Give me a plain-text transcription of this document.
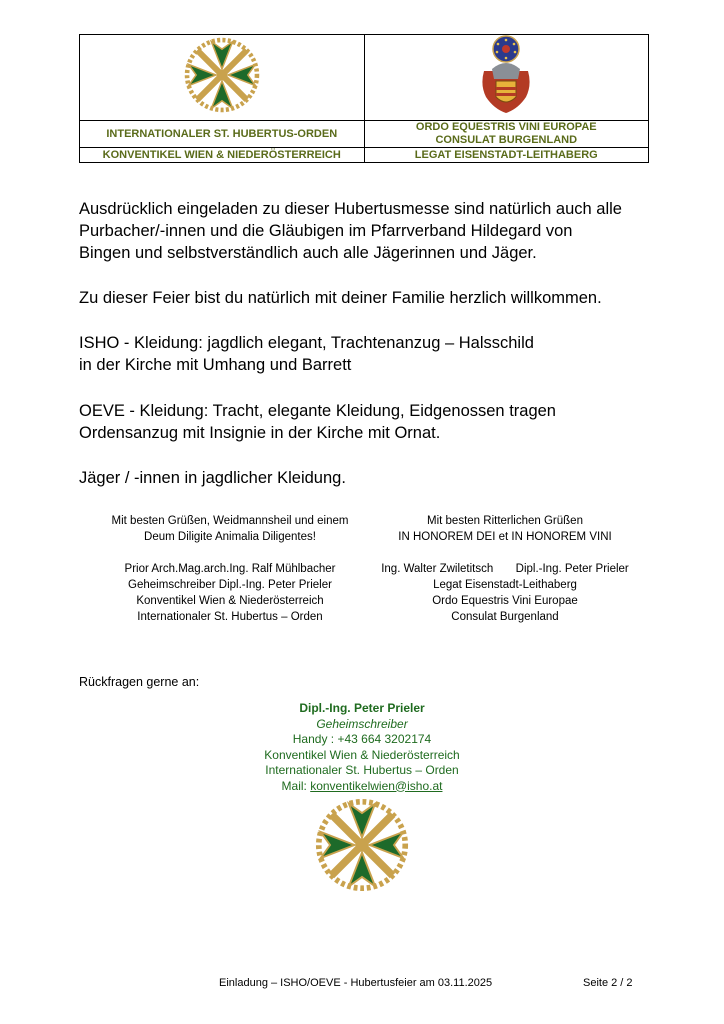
INTERNATIONALER ST. HUBERTUS-ORDEN	ORDO EQUESTRIS VINI EUROPAE
CONSULAT BURGENLAND
KONVENTIKEL WIEN & NIEDERÖSTERREICH	LEGAT EISENSTADT-LEITHABERG

Ausdrücklich eingeladen zu dieser Hubertusmesse sind natürlich auch alle

Purbacher/-innen und die Gläubigen im Pfarrverband Hildegard von

Bingen und selbstverständlich auch alle Jägerinnen und Jäger.

Zu dieser Feier bist du natürlich mit deiner Familie herzlich willkommen.

ISHO - Kleidung: jagdlich elegant, Trachtenanzug – Halsschild

in der Kirche mit Umhang und Barrett

OEVE - Kleidung: Tracht, elegante Kleidung, Eidgenossen tragen

Ordensanzug mit Insignie in der Kirche mit Ornat.

Jäger / -innen in jagdlicher Kleidung.

Mit besten Grüßen, Weidmannsheil und einem

Deum Diligite Animalia Diligentes!

Prior Arch.Mag.arch.Ing. Ralf Mühlbacher

Geheimschreiber Dipl.-Ing. Peter Prieler

Konventikel Wien & Niederösterreich

Internationaler St. Hubertus – Orden

Mit besten Ritterlichen Grüßen

IN HONOREM DEI et IN HONOREM VINI

Ing. Walter Zwiletitsch Dipl.-Ing. Peter Prieler

Legat Eisenstadt-Leithaberg

Ordo Equestris Vini Europae

Consulat Burgenland

Rückfragen gerne an:

Dipl.-Ing. Peter Prieler

Geheimschreiber

Handy : +43 664 3202174

Konventikel Wien & Niederösterreich

Internationaler St. Hubertus – Orden

Mail: konventikelwien@isho.at

Einladung – ISHO/OEVE - Hubertusfeier am 03.11.2025	Seite 2 / 2
